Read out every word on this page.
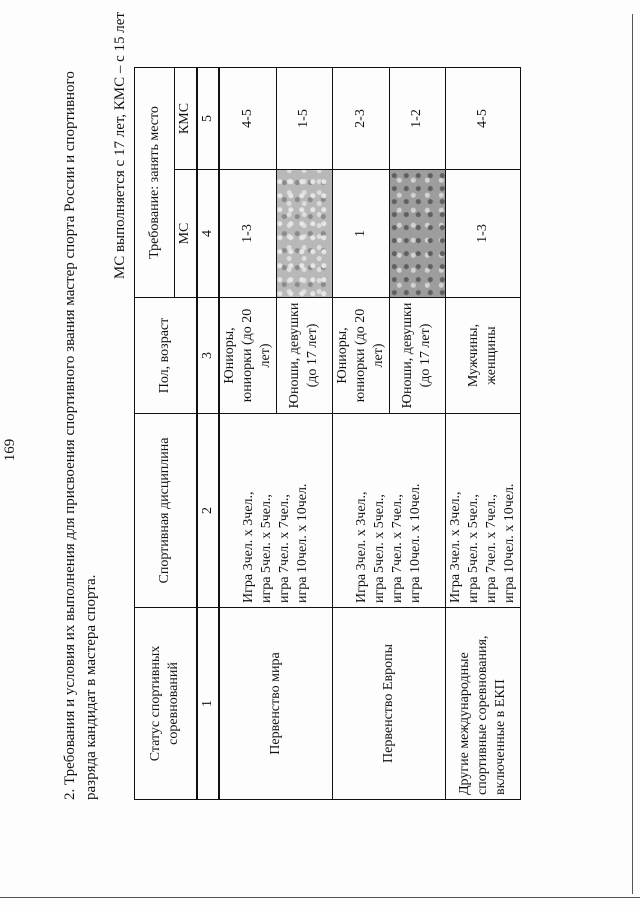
169	2. Требования и условия их выполнения для присвоения спортивного звания мастер спорта России и спортивного разряда кандидат в мастера спорта.
МС выполняется с 17 лет, КМС – с 15 лет
Статус спортивных соревнований	Спортивная дисциплина	Пол, возраст	Требование: занять место	
			МС	КМС
1	2	3	4	5
Первенство мира	Игра 3чел. х 3чел., игра 5чел. х 5чел., игра 7чел. х 7чел., игра 10чел. х 10чел.	Юниоры, юниорки (до 20 лет)	1-3	4-5
		Юноши, девушки (до 17 лет)		1-5
Первенство Европы	Игра 3чел. х 3чел., игра 5чел. х 5чел., игра 7чел. х 7чел., игра 10чел. х 10чел.	Юниоры, юниорки (до 20 лет)	1	2-3
		Юноши, девушки (до 17 лет)		1-2
Другие международные спортивные соревнования, включенные в ЕКП	Игра 3чел. х 3чел., игра 5чел. х 5чел., игра 7чел. х 7чел., игра 10чел. х 10чел.	Мужчины, женщины	1-3	4-5
